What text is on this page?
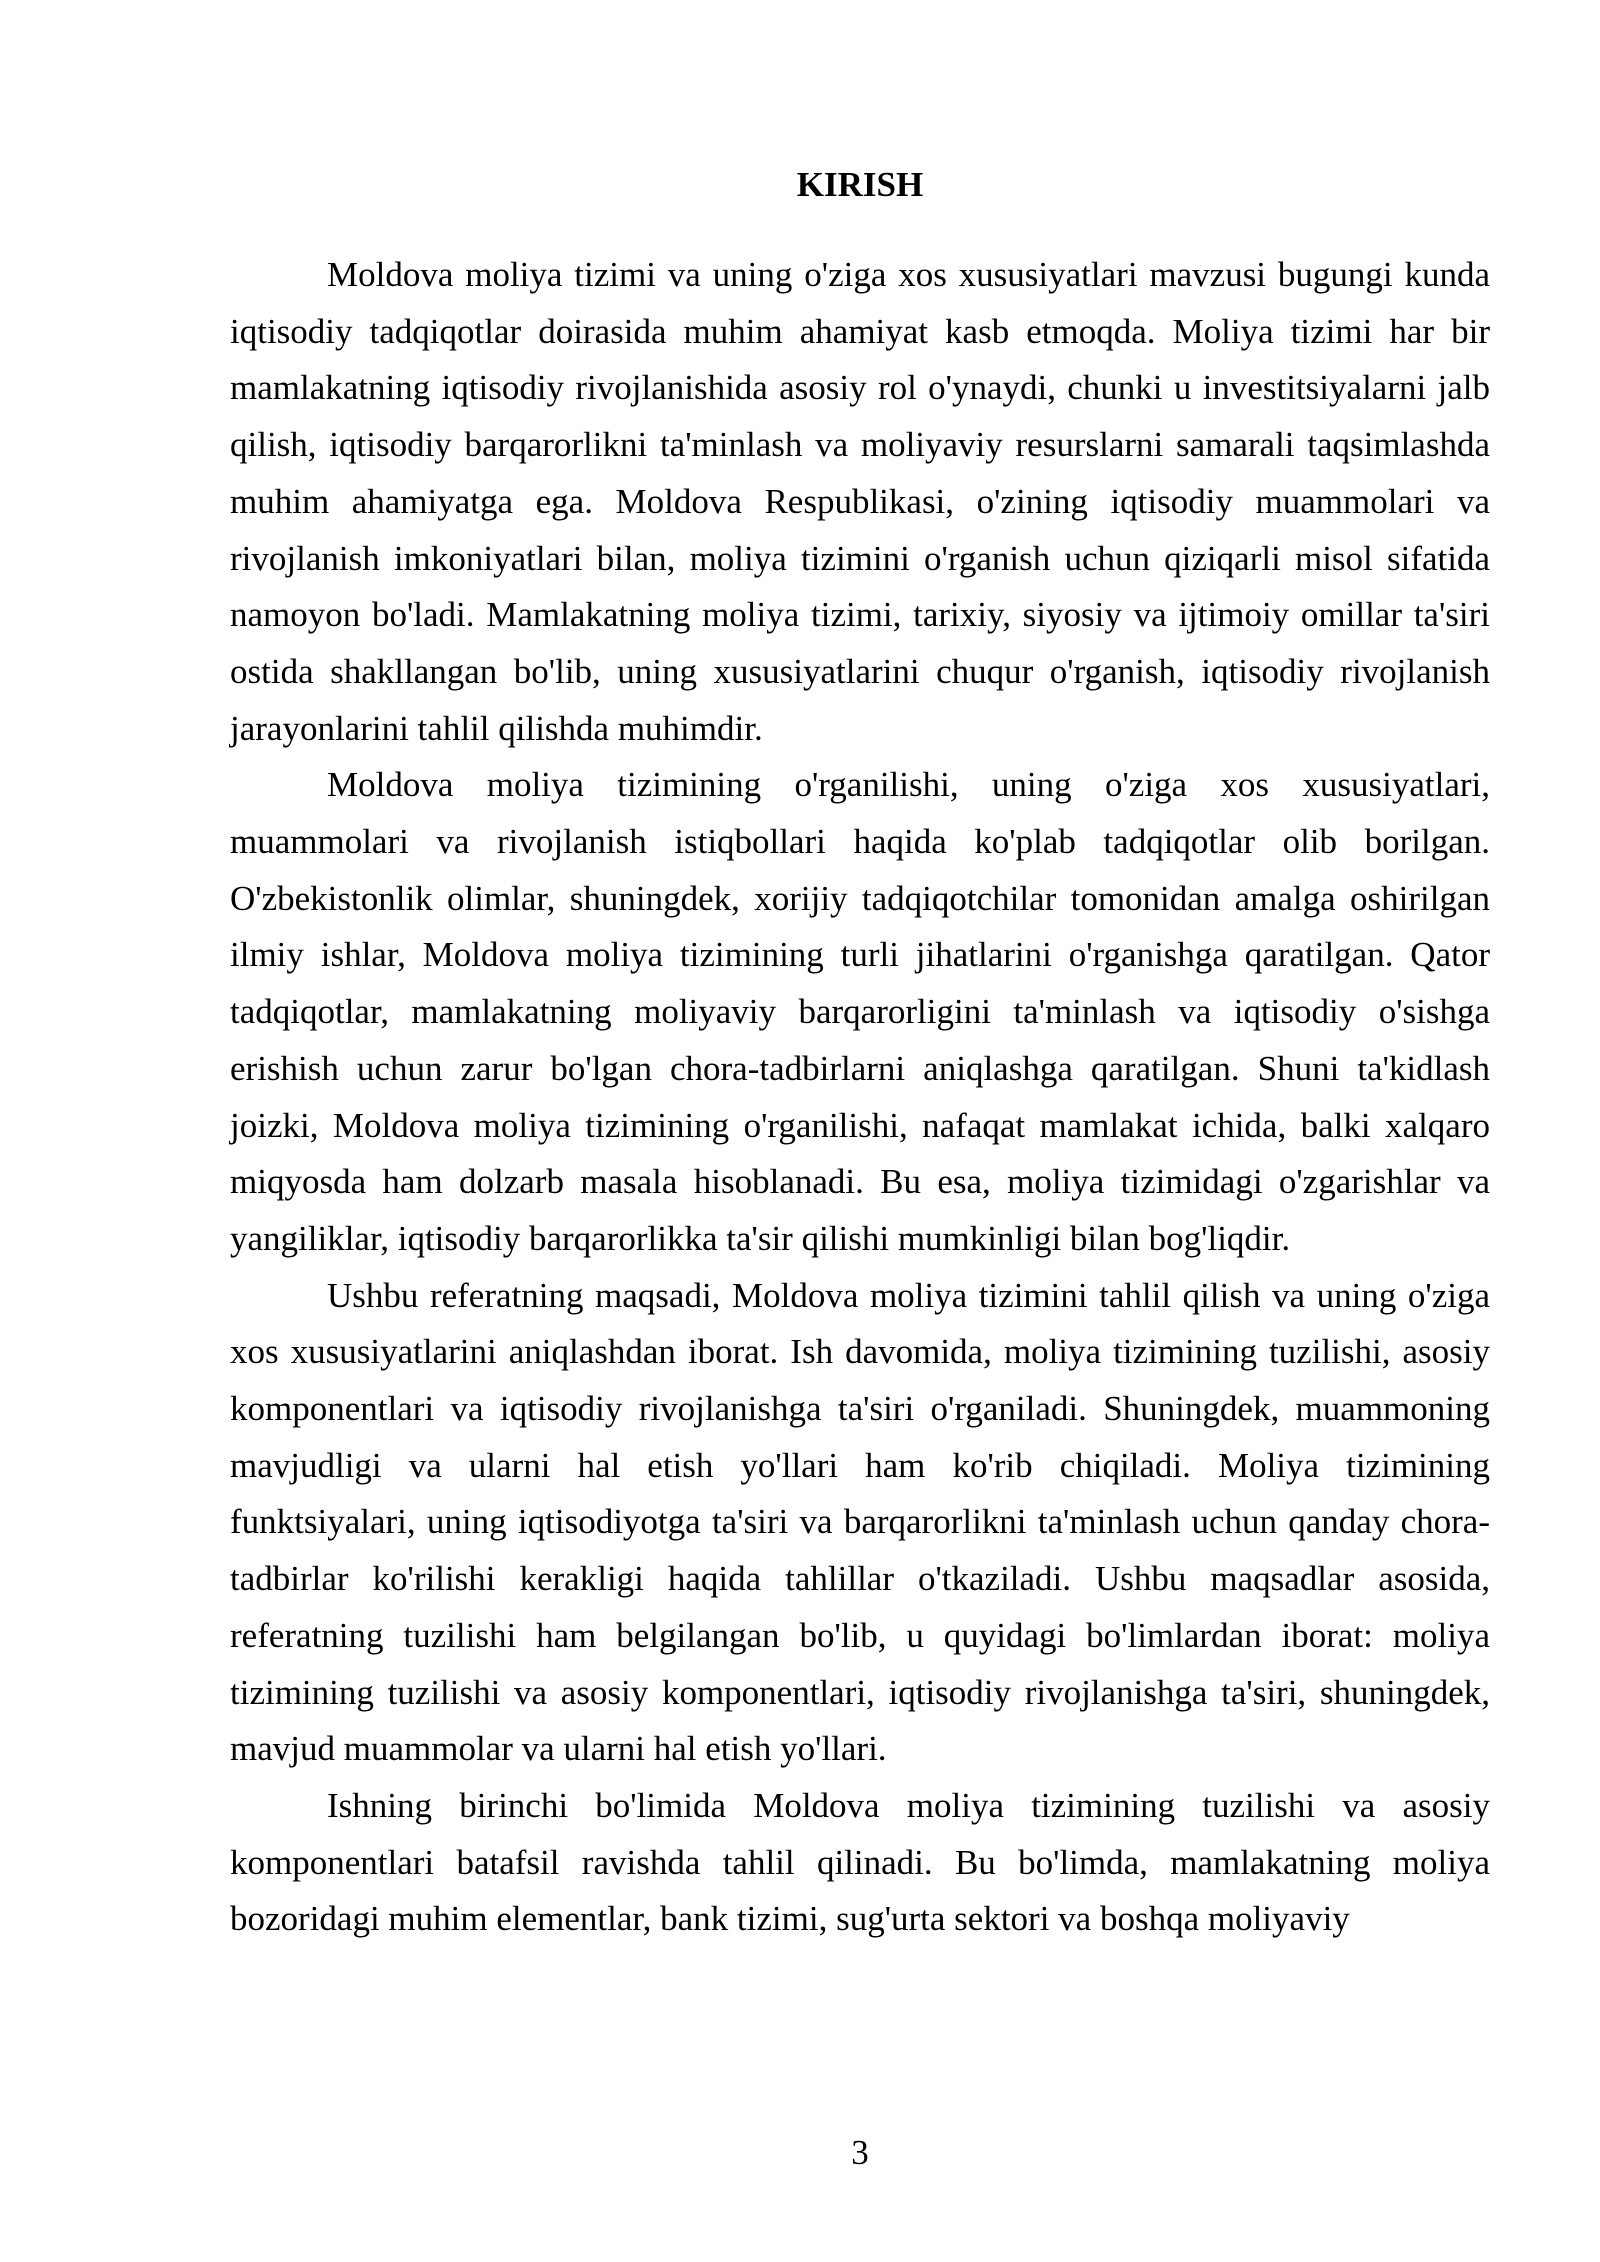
KIRISH

Moldova moliya tizimi va uning o'ziga xos xususiyatlari mavzusi bugungi kunda iqtisodiy tadqiqotlar doirasida muhim ahamiyat kasb etmoqda. Moliya tizimi har bir mamlakatning iqtisodiy rivojlanishida asosiy rol o'ynaydi, chunki u investitsiyalarni jalb qilish, iqtisodiy barqarorlikni ta'minlash va moliyaviy resurslarni samarali taqsimlashda muhim ahamiyatga ega. Moldova Respublikasi, o'zining iqtisodiy muammolari va rivojlanish imkoniyatlari bilan, moliya tizimini o'rganish uchun qiziqarli misol sifatida namoyon bo'ladi. Mamlakatning moliya tizimi, tarixiy, siyosiy va ijtimoiy omillar ta'siri ostida shakllangan bo'lib, uning xususiyatlarini chuqur o'rganish, iqtisodiy rivojlanish jarayonlarini tahlil qilishda muhimdir.

Moldova moliya tizimining o'rganilishi, uning o'ziga xos xususiyatlari, muammolari va rivojlanish istiqbollari haqida ko'plab tadqiqotlar olib borilgan. O'zbekistonlik olimlar, shuningdek, xorijiy tadqiqotchilar tomonidan amalga oshirilgan ilmiy ishlar, Moldova moliya tizimining turli jihatlarini o'rganishga qaratilgan. Qator tadqiqotlar, mamlakatning moliyaviy barqarorligini ta'minlash va iqtisodiy o'sishga erishish uchun zarur bo'lgan chora-tadbirlarni aniqlashga qaratilgan. Shuni ta'kidlash joizki, Moldova moliya tizimining o'rganilishi, nafaqat mamlakat ichida, balki xalqaro miqyosda ham dolzarb masala hisoblanadi. Bu esa, moliya tizimidagi o'zgarishlar va yangiliklar, iqtisodiy barqarorlikka ta'sir qilishi mumkinligi bilan bog'liqdir.

Ushbu referatning maqsadi, Moldova moliya tizimini tahlil qilish va uning o'ziga xos xususiyatlarini aniqlashdan iborat. Ish davomida, moliya tizimining tuzilishi, asosiy komponentlari va iqtisodiy rivojlanishga ta'siri o'rganiladi. Shuningdek, muammoning mavjudligi va ularni hal etish yo'llari ham ko'rib chiqiladi. Moliya tizimining funktsiyalari, uning iqtisodiyotga ta'siri va barqarorlikni ta'minlash uchun qanday chora-tadbirlar ko'rilishi kerakligi haqida tahlillar o'tkaziladi. Ushbu maqsadlar asosida, referatning tuzilishi ham belgilangan bo'lib, u quyidagi bo'limlardan iborat: moliya tizimining tuzilishi va asosiy komponentlari, iqtisodiy rivojlanishga ta'siri, shuningdek, mavjud muammolar va ularni hal etish yo'llari.

Ishning birinchi bo'limida Moldova moliya tizimining tuzilishi va asosiy komponentlari batafsil ravishda tahlil qilinadi. Bu bo'limda, mamlakatning moliya bozoridagi muhim elementlar, bank tizimi, sug'urta sektori va boshqa moliyaviy

3
